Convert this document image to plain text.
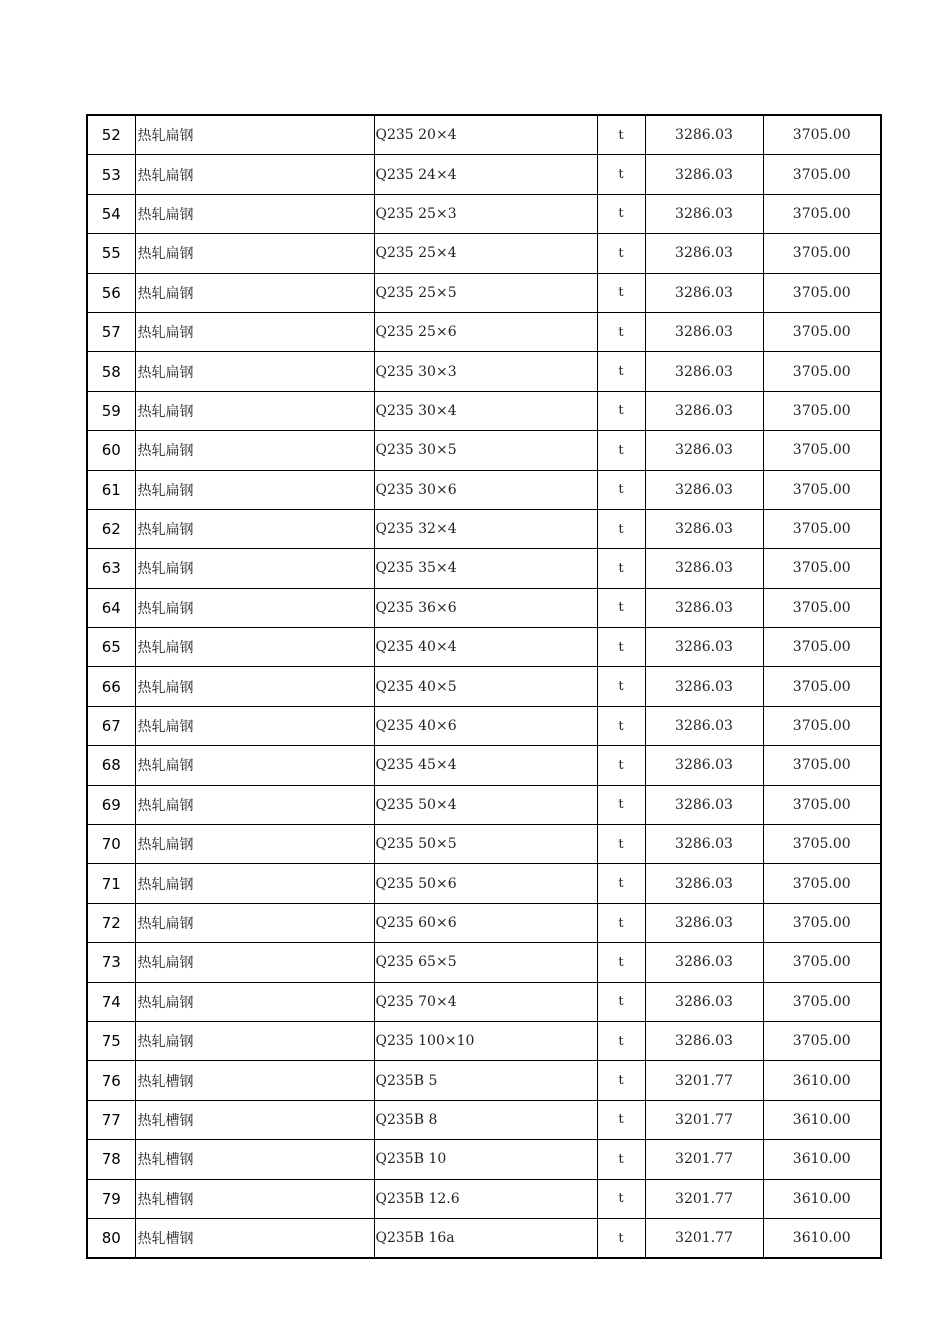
52	热轧扁钢	Q235 20×4	t	3286.03	3705.00
53	热轧扁钢	Q235 24×4	t	3286.03	3705.00
54	热轧扁钢	Q235 25×3	t	3286.03	3705.00
55	热轧扁钢	Q235 25×4	t	3286.03	3705.00
56	热轧扁钢	Q235 25×5	t	3286.03	3705.00
57	热轧扁钢	Q235 25×6	t	3286.03	3705.00
58	热轧扁钢	Q235 30×3	t	3286.03	3705.00
59	热轧扁钢	Q235 30×4	t	3286.03	3705.00
60	热轧扁钢	Q235 30×5	t	3286.03	3705.00
61	热轧扁钢	Q235 30×6	t	3286.03	3705.00
62	热轧扁钢	Q235 32×4	t	3286.03	3705.00
63	热轧扁钢	Q235 35×4	t	3286.03	3705.00
64	热轧扁钢	Q235 36×6	t	3286.03	3705.00
65	热轧扁钢	Q235 40×4	t	3286.03	3705.00
66	热轧扁钢	Q235 40×5	t	3286.03	3705.00
67	热轧扁钢	Q235 40×6	t	3286.03	3705.00
68	热轧扁钢	Q235 45×4	t	3286.03	3705.00
69	热轧扁钢	Q235 50×4	t	3286.03	3705.00
70	热轧扁钢	Q235 50×5	t	3286.03	3705.00
71	热轧扁钢	Q235 50×6	t	3286.03	3705.00
72	热轧扁钢	Q235 60×6	t	3286.03	3705.00
73	热轧扁钢	Q235 65×5	t	3286.03	3705.00
74	热轧扁钢	Q235 70×4	t	3286.03	3705.00
75	热轧扁钢	Q235 100×10	t	3286.03	3705.00
76	热轧槽钢	Q235B 5	t	3201.77	3610.00
77	热轧槽钢	Q235B 8	t	3201.77	3610.00
78	热轧槽钢	Q235B 10	t	3201.77	3610.00
79	热轧槽钢	Q235B 12.6	t	3201.77	3610.00
80	热轧槽钢	Q235B 16a	t	3201.77	3610.00
